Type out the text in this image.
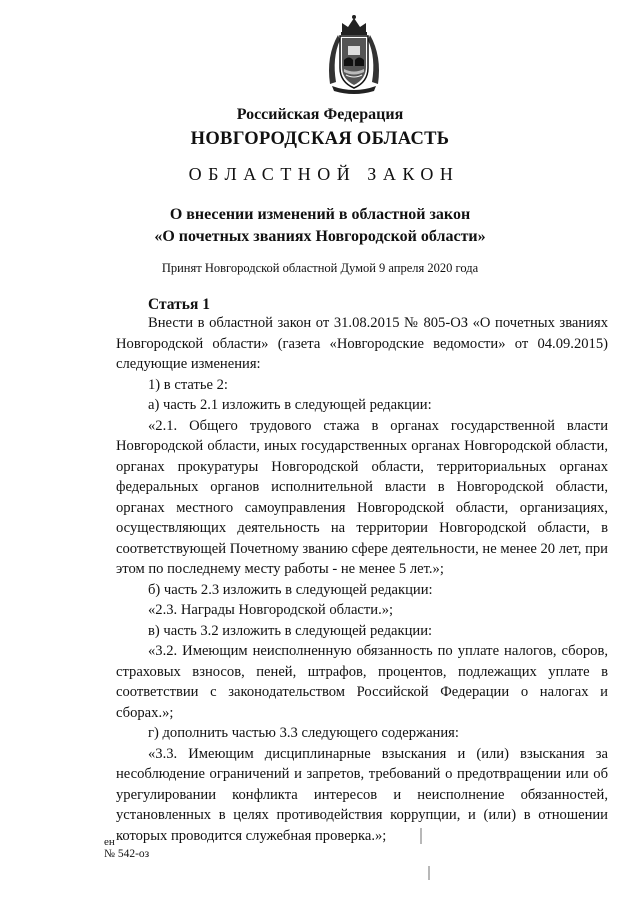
Российская Федерация
НОВГОРОДСКАЯ ОБЛАСТЬ
ОБЛАСТНОЙ ЗАКОН
О внесении изменений в областной закон
«О почетных званиях Новгородской области»
Принят Новгородской областной Думой 9 апреля 2020 года
Статья 1

Внести в областной закон от 31.08.2015 № 805-ОЗ «О почетных званиях Новгородской области» (газета «Новгородские ведомости» от 04.09.2015) следующие изменения:

1) в статье 2:

а) часть 2.1 изложить в следующей редакции:

«2.1. Общего трудового стажа в органах государственной власти Новгородской области, иных государственных органах Новгородской области, органах прокуратуры Новгородской области, территориальных органах федеральных органов исполнительной власти в Новгородской области, органах местного самоуправления Новгородской области, организациях, осуществляющих деятельность на территории Новгородской области, в соответствующей Почетному званию сфере деятельности, не менее 20 лет, при этом по последнему месту работы - не менее 5 лет.»;

б) часть 2.3 изложить в следующей редакции:

«2.3. Награды Новгородской области.»;

в) часть 3.2 изложить в следующей редакции:

«3.2. Имеющим неисполненную обязанность по уплате налогов, сборов, страховых взносов, пеней, штрафов, процентов, подлежащих уплате в соответствии с законодательством Российской Федерации о налогах и сборах.»;

г) дополнить частью 3.3 следующего содержания:

«3.3. Имеющим дисциплинарные взыскания и (или) взыскания за несоблюдение ограничений и запретов, требований о предотвращении или об урегулировании конфликта интересов и неисполнение обязанностей, установленных в целях противодействия коррупции, и (или) в отношении которых проводится служебная проверка.»;

ен
№ 542-оз
